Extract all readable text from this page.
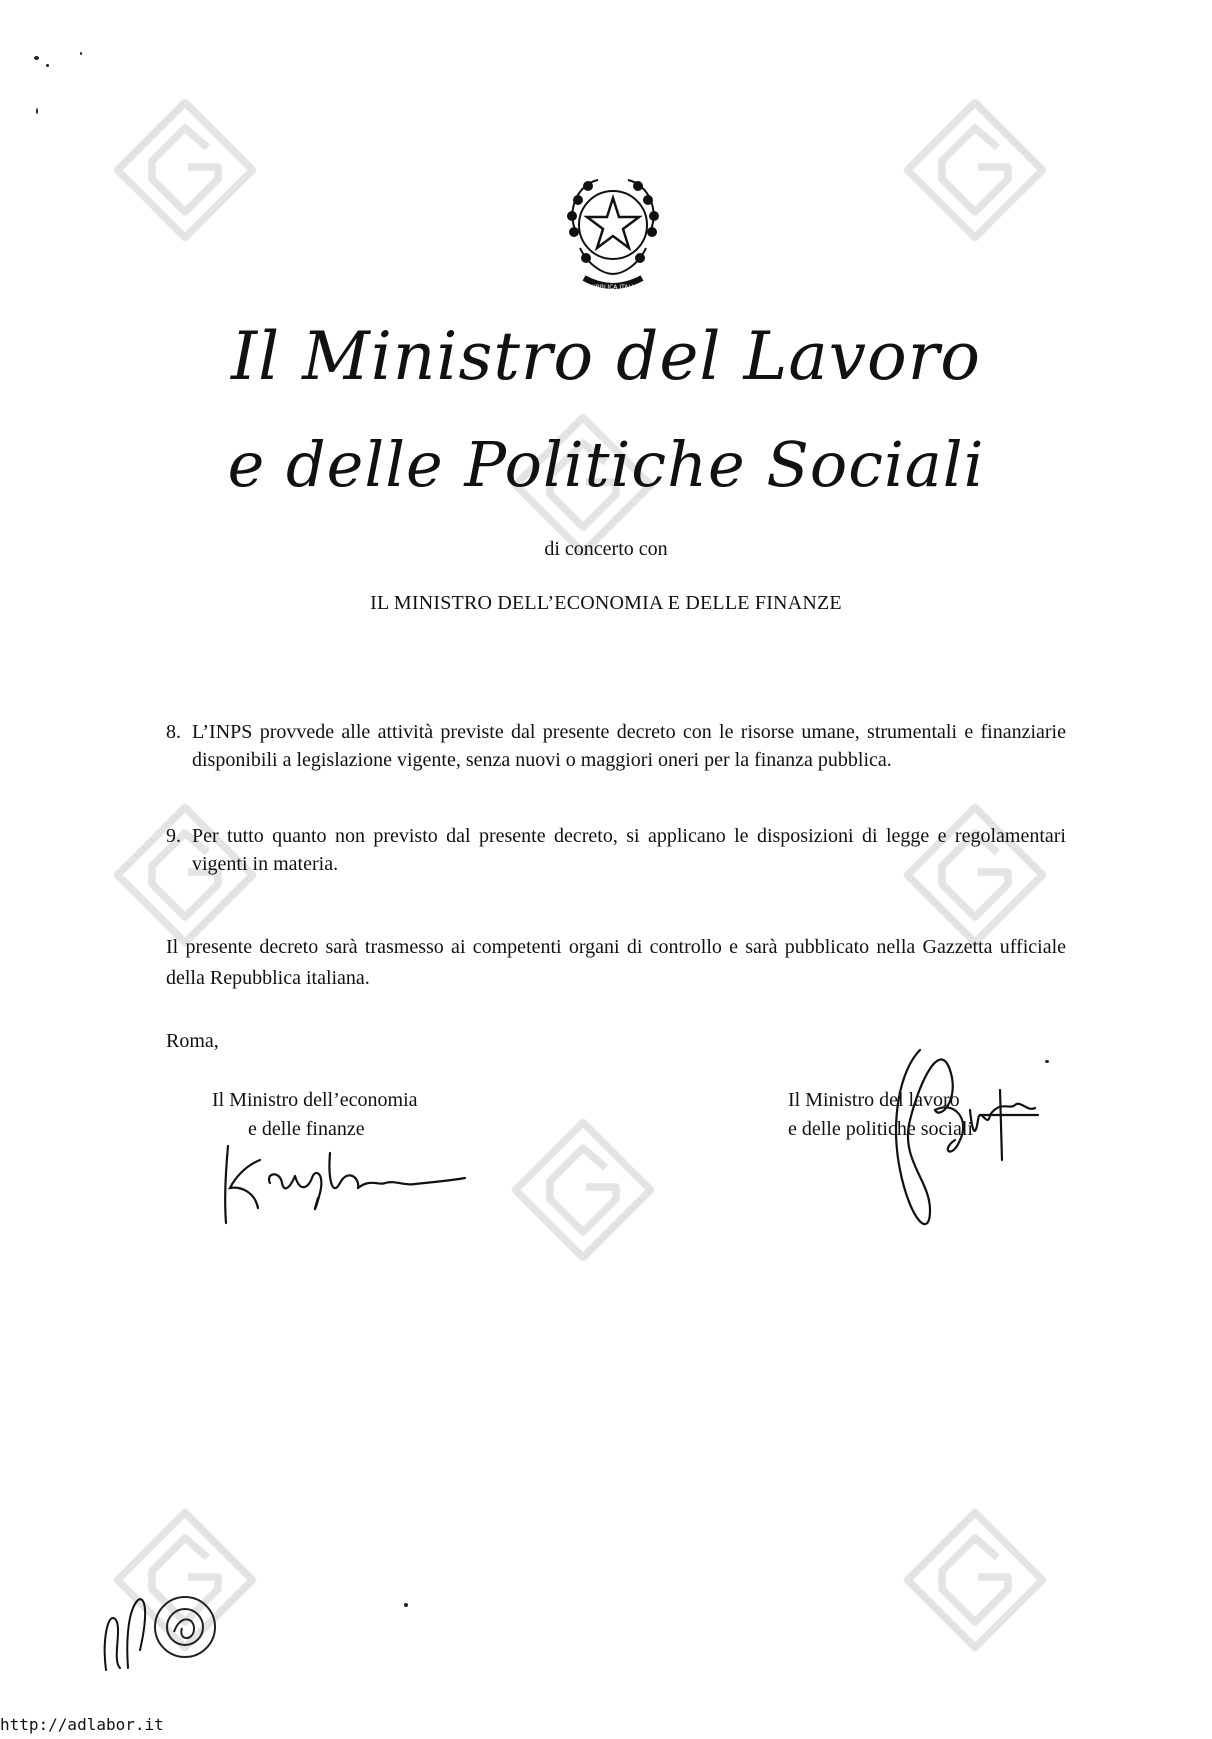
REPUBBLICA ITALIANA
Il Ministro del Lavoro
e delle Politiche Sociali
di concerto con
IL MINISTRO DELL’ECONOMIA E DELLE FINANZE
8. L’INPS provvede alle attività previste dal presente decreto con le risorse umane, strumentali e finanziarie disponibili a legislazione vigente, senza nuovi o maggiori oneri per la finanza pubblica.
9. Per tutto quanto non previsto dal presente decreto, si applicano le disposizioni di legge e regolamentari vigenti in materia.
Il presente decreto sarà trasmesso ai competenti organi di controllo e sarà pubblicato nella Gazzetta ufficiale della Repubblica italiana.
Roma,
Il Ministro dell’economia
e delle finanze
Il Ministro del lavoro
e delle politiche sociali
http://adlabor.it
